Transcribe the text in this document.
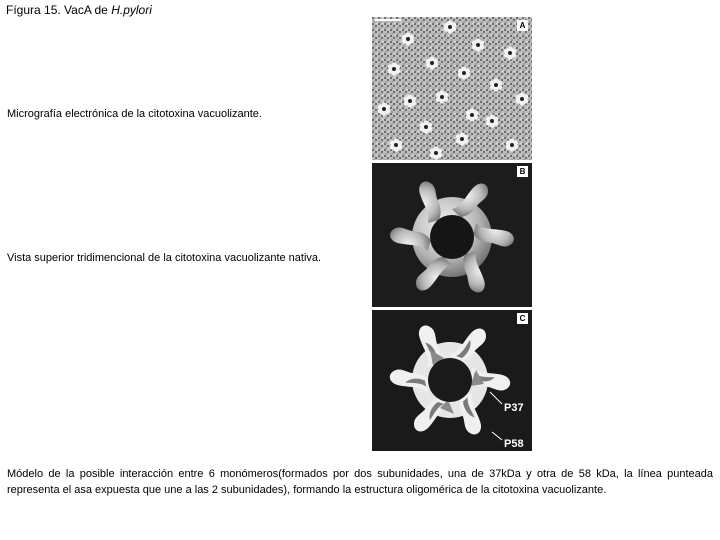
Fígura 15. VacA de H.pylori
Micrografía electrónica de la citotoxina vacuolizante.
Vista superior tridimencional de la citotoxina vacuolizante nativa.
Módelo de la posible interacción entre 6 monómeros(formados por dos subunidades, una de 37kDa y otra de 58 kDa, la línea punteada representa el asa expuesta que une a las 2 subunidades), formando la estructura oligomérica de la citotoxina vacuolizante.
A
B
C
P37
P58
